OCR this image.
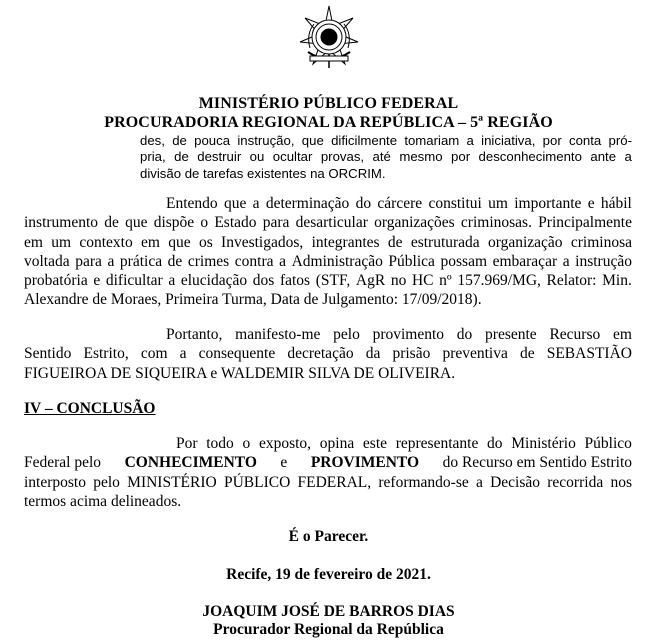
MINISTÉRIO PÚBLICO FEDERAL
PROCURADORIA REGIONAL DA REPÚBLICA – 5ª REGIÃO
des, de pouca instrução, que dificilmente tomariam a iniciativa, por conta pró-
pria, de destruir ou ocultar provas, até mesmo por desconhecimento ante a
divisão de tarefas existentes na ORCRIM.
Entendo que a determinação do cárcere constitui um importante e hábil
instrumento de que dispõe o Estado para desarticular organizações criminosas. Principalmente
em um contexto em que os Investigados, integrantes de estruturada organização criminosa
voltada para a prática de crimes contra a Administração Pública possam embaraçar a instrução
probatória e dificultar a elucidação dos fatos (STF, AgR no HC nº 157.969/MG, Relator: Min.
Alexandre de Moraes, Primeira Turma, Data de Julgamento: 17/09/2018).
Portanto, manifesto-me pelo provimento do presente Recurso em
Sentido Estrito, com a consequente decretação da prisão preventiva de SEBASTIÃO
FIGUEIROA DE SIQUEIRA e WALDEMIR SILVA DE OLIVEIRA.
IV – CONCLUSÃO
Por todo o exposto, opina este representante do Ministério Público
Federal pelo CONHECIMENTO e PROVIMENTO do Recurso em Sentido Estrito
interposto pelo MINISTÉRIO PÚBLICO FEDERAL, reformando-se a Decisão recorrida nos
termos acima delineados.
É o Parecer.
Recife, 19 de fevereiro de 2021.
JOAQUIM JOSÉ DE BARROS DIAS
Procurador Regional da República
